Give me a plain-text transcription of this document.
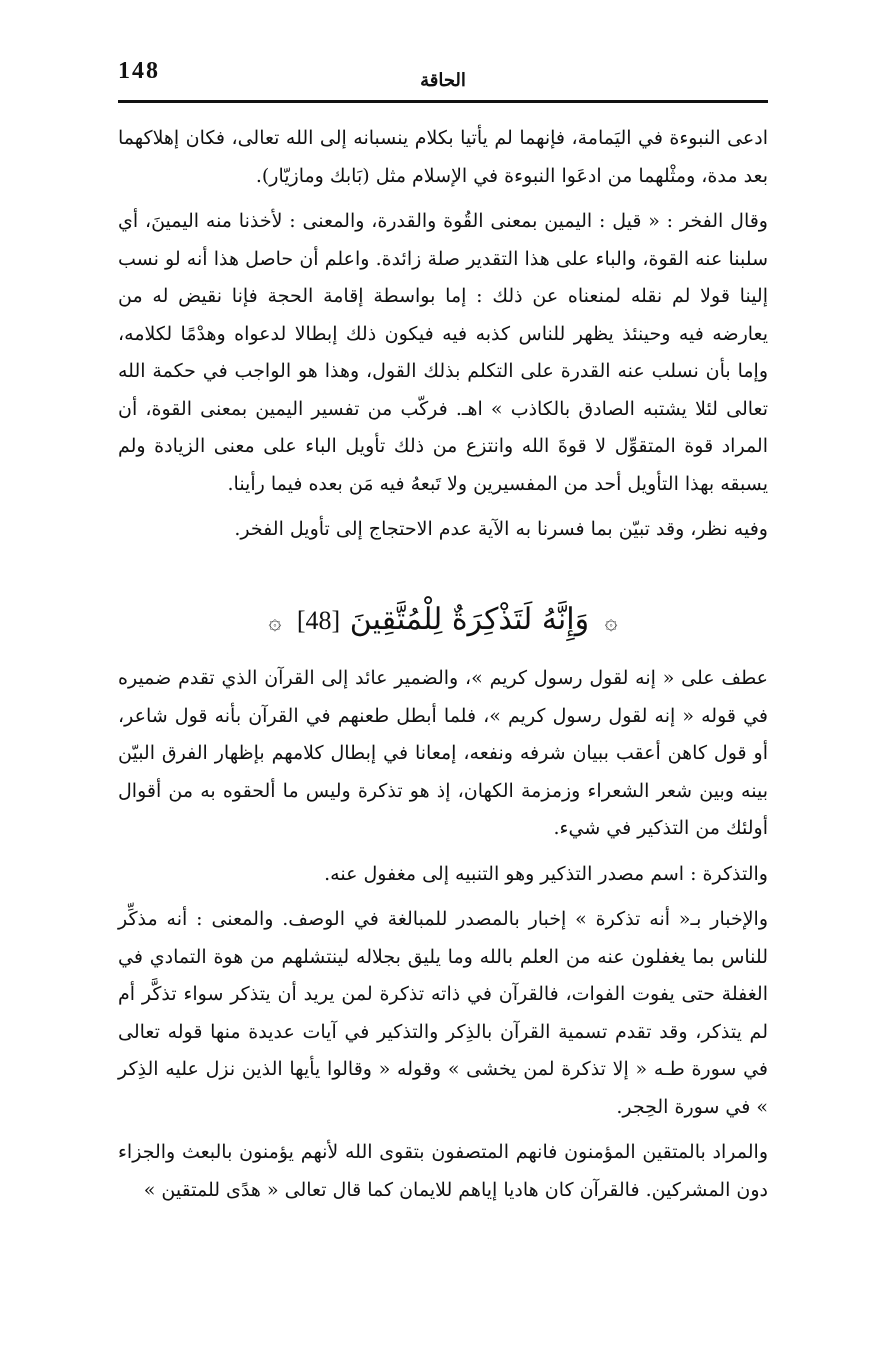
148	الحاقة

ادعى النبوءة في اليَمامة، فإنهما لم يأتيا بكلام ينسبانه إلى الله تعالى، فكان إهلاكهما بعد مدة، ومثْلهما من ادعَوا النبوءة في الإسلام مثل (بَابك ومازيّار).

وقال الفخر : « قيل : اليمين بمعنى القُوة والقدرة، والمعنى : لأخذنا منه اليمينَ، أي سلبنا عنه القوة، والباء على هذا التقدير صلة زائدة. واعلم أن حاصل هذا أنه لو نسب إلينا قولا لم نقله لمنعناه عن ذلك : إما بواسطة إقامة الحجة فإنا نقيض له من يعارضه فيه وحينئذ يظهر للناس كذبه فيه فيكون ذلك إبطالا لدعواه وهدْمًا لكلامه، وإما بأن نسلب عنه القدرة على التكلم بذلك القول، وهذا هو الواجب في حكمة الله تعالى لئلا يشتبه الصادق بالكاذب » اهـ. فركّب من تفسير اليمين بمعنى القوة، أن المراد قوة المتقوِّل لا قوةَ الله وانتزع من ذلك تأويل الباء على معنى الزيادة ولم يسبقه بهذا التأويل أحد من المفسيرين ولا تَبعهُ فيه مَن بعده فيما رأينا.

وفيه نظر، وقد تبيّن بما فسرنا به الآية عدم الاحتجاج إلى تأويل الفخر.

۞ وَإِنَّهُ لَتَذْكِرَةٌ لِلْمُتَّقِينَ [48] ۞

عطف على « إنه لقول رسول كريم »، والضمير عائد إلى القرآن الذي تقدم ضميره في قوله « إنه لقول رسول كريم »، فلما أبطل طعنهم في القرآن بأنه قول شاعر، أو قول كاهن أعقب ببيان شرفه ونفعه، إمعانا في إبطال كلامهم بإظهار الفرق البيّن بينه وبين شعر الشعراء وزمزمة الكهان، إذ هو تذكرة وليس ما ألحقوه به من أقوال أولئك من التذكير في شيء.

والتذكرة : اسم مصدر التذكير وهو التنبيه إلى مغفول عنه.

والإخبار بـ« أنه تذكرة » إخبار بالمصدر للمبالغة في الوصف. والمعنى : أنه مذكِّر للناس بما يغفلون عنه من العلم بالله وما يليق بجلاله لينتشلهم من هوة التمادي في الغفلة حتى يفوت الفوات، فالقرآن في ذاته تذكرة لمن يريد أن يتذكر سواء تذكَّر أم لم يتذكر، وقد تقدم تسمية القرآن بالذِكر والتذكير في آيات عديدة منها قوله تعالى في سورة طـه « إلا تذكرة لمن يخشى » وقوله « وقالوا يأيها الذين نزل عليه الذِكر » في سورة الحِجر.

والمراد بالمتقين المؤمنون فانهم المتصفون بتقوى الله لأنهم يؤمنون بالبعث والجزاء دون المشركين. فالقرآن كان هاديا إياهم للايمان كما قال تعالى « هدًى للمتقين »
